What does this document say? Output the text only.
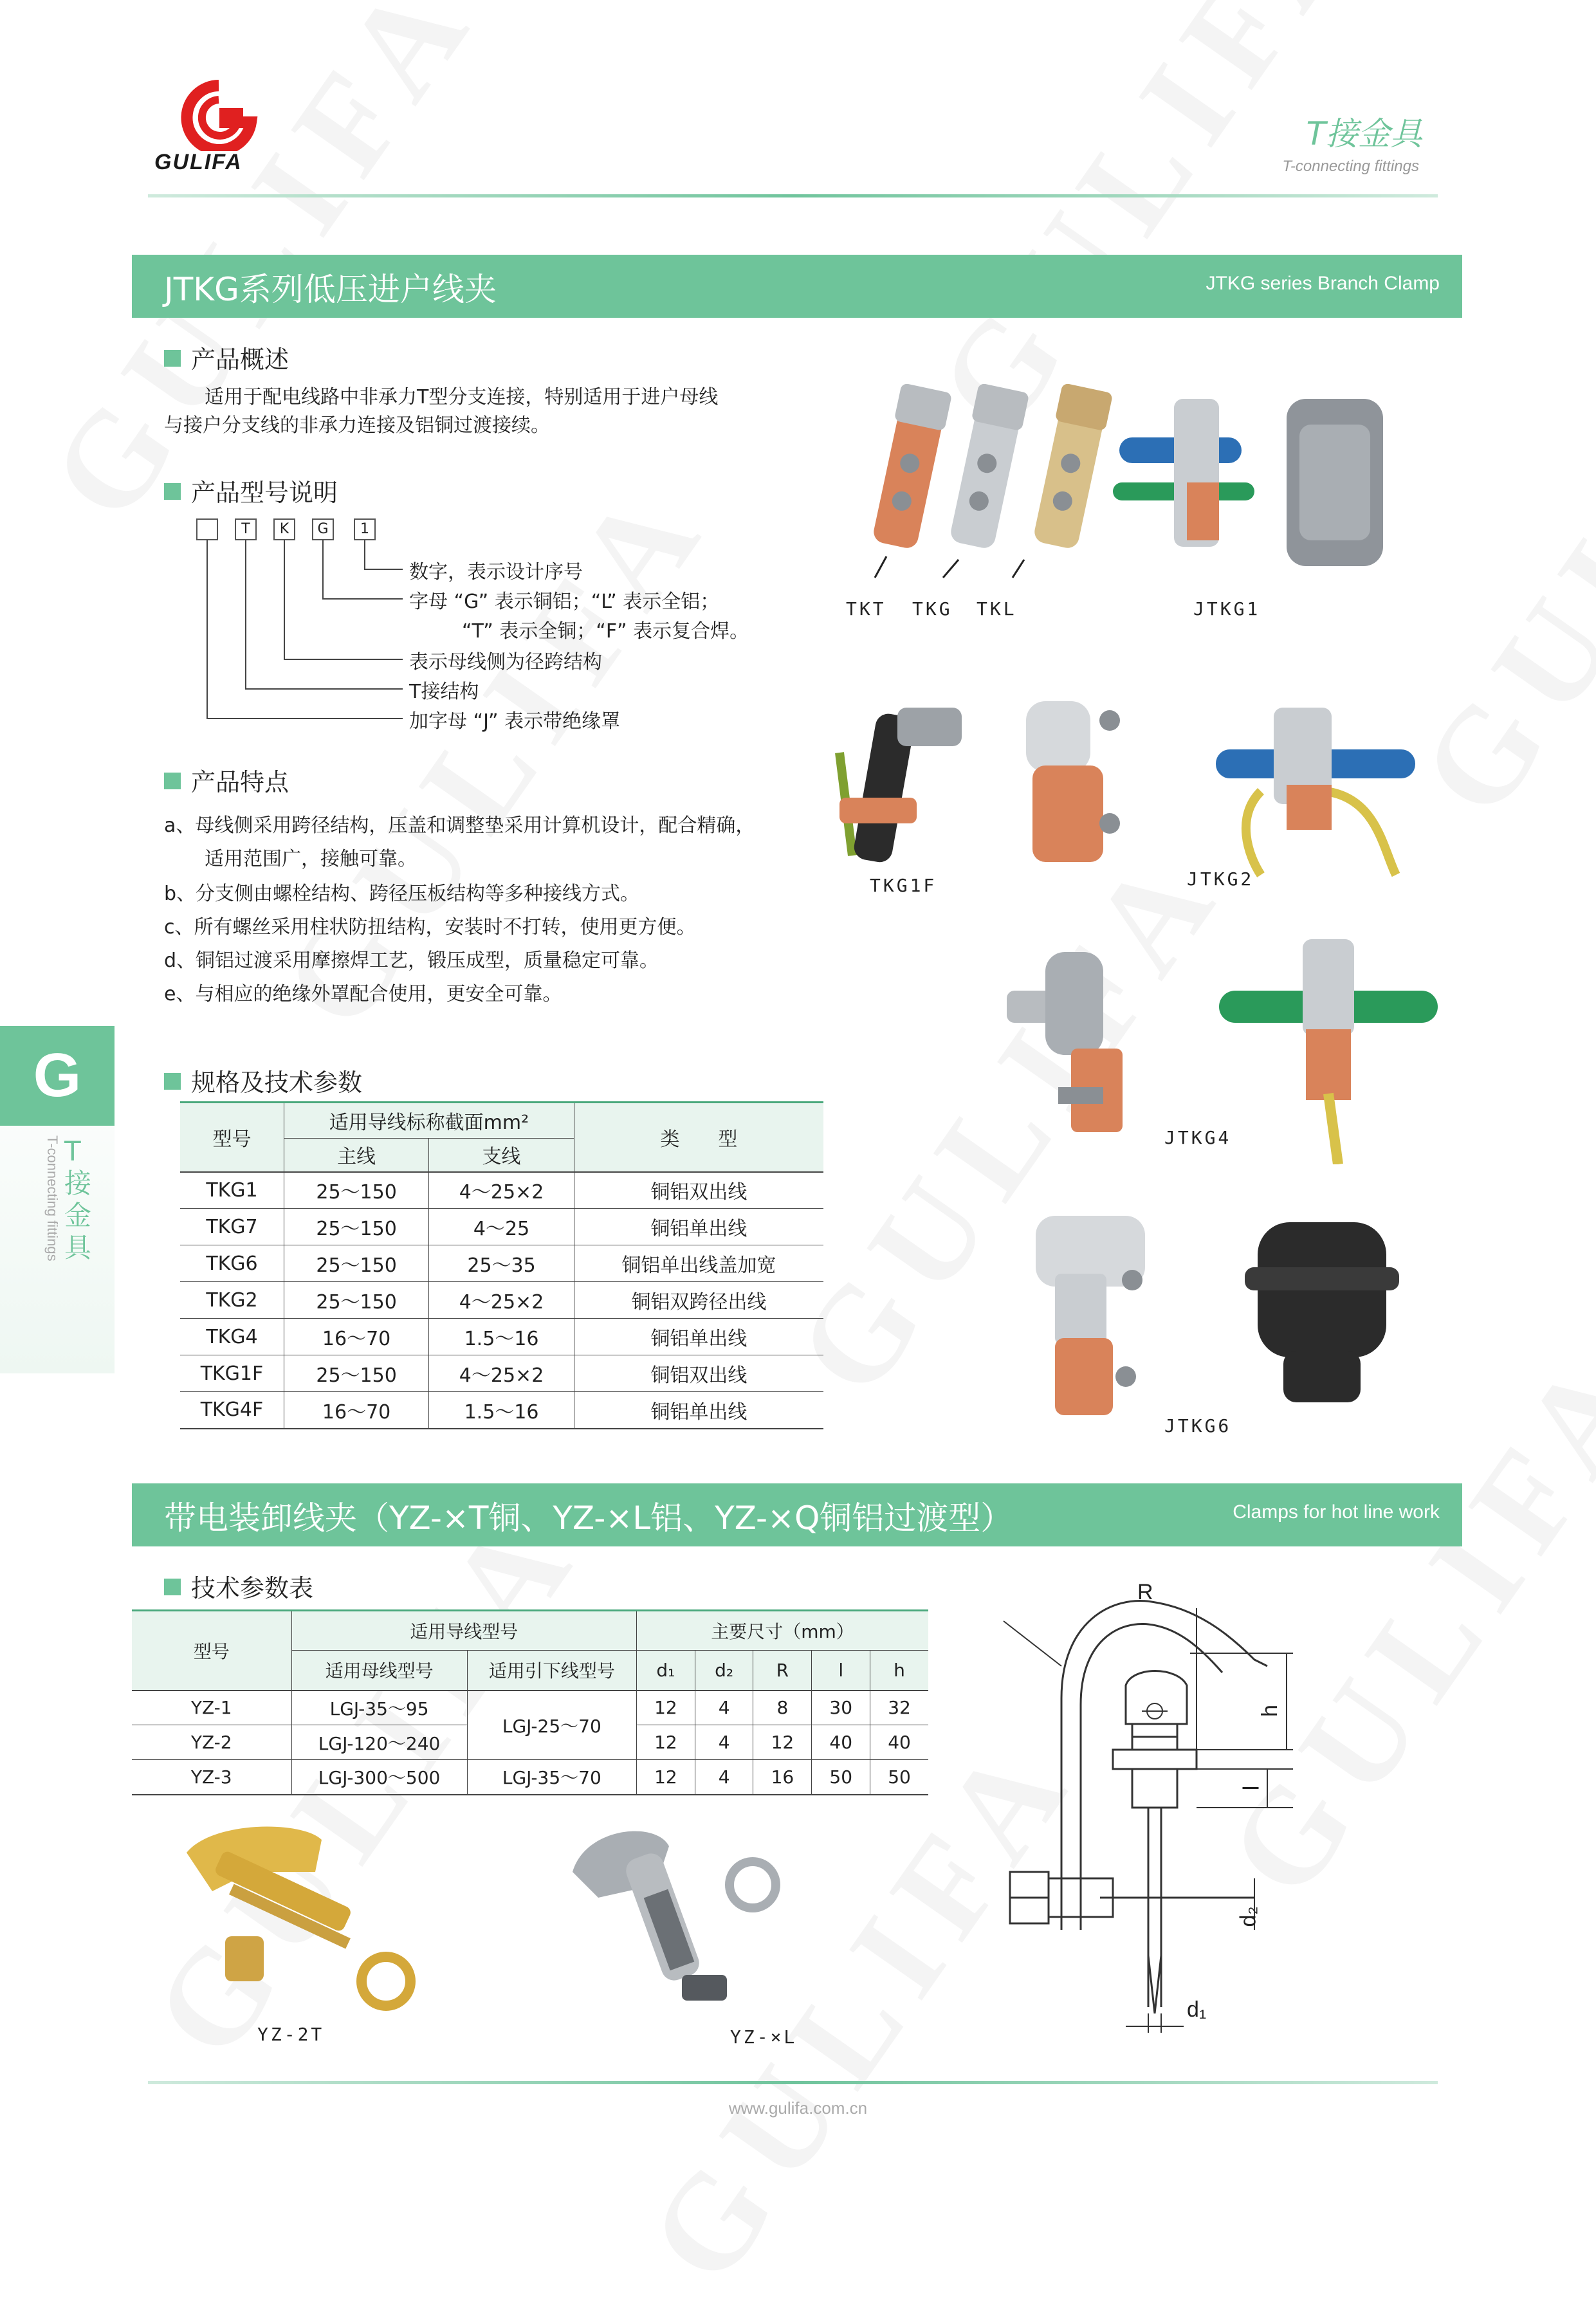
GULIFA
T接金具
T-connecting fittings
G
T接金具
T-connecting fittings
JTKG系列低压进户线夹	JTKG series Branch Clamp
产品概述
适用于配电线路中非承力T型分支连接，特别适用于进户母线
与接户分支线的非承力连接及铝铜过渡接续。
产品型号说明
T	K	G	1
数字，表示设计序号
字母 “G” 表示铜铝；“L” 表示全铝；
“T” 表示全铜；“F” 表示复合焊。
表示母线侧为径跨结构
T接结构
加字母 “J” 表示带绝缘罩
产品特点
a、母线侧采用跨径结构，压盖和调整垫采用计算机设计，配合精确，
适用范围广，接触可靠。
b、分支侧由螺栓结构、跨径压板结构等多种接线方式。
c、所有螺丝采用柱状防扭结构，安装时不打转，使用更方便。
d、铜铝过渡采用摩擦焊工艺，锻压成型，质量稳定可靠。
e、与相应的绝缘外罩配合使用，更安全可靠。
规格及技术参数
型号	适用导线标称截面mm²		类　　型
	主线	支线	
TKG1	25～150	4～25×2	铜铝双出线
TKG7	25～150	4～25	铜铝单出线
TKG6	25～150	25～35	铜铝单出线盖加宽
TKG2	25～150	4～25×2	铜铝双跨径出线
TKG4	16～70	1.5～16	铜铝单出线
TKG1F	25～150	4～25×2	铜铝双出线
TKG4F	16～70	1.5～16	铜铝单出线
TKT TKG TKL	JTKG1
TKG1F	JTKG2
JTKG4
JTKG6
带电装卸线夹（YZ-×T铜、YZ-×L铝、YZ-×Q铜铝过渡型）	Clamps for hot line work
技术参数表
型号	适用导线型号		主要尺寸（mm）				
	适用母线型号	适用引下线型号	d₁	d₂	R	l	h
YZ-1	LGJ-35～95	LGJ-25～70	12	4	8	30	32
YZ-2	LGJ-120～240		12	4	12	40	40
YZ-3	LGJ-300～500	LGJ-35～70	12	4	16	50	50
YZ-2T	YZ-×L
R
h
l
d₂
d₁
www.gulifa.com.cn
